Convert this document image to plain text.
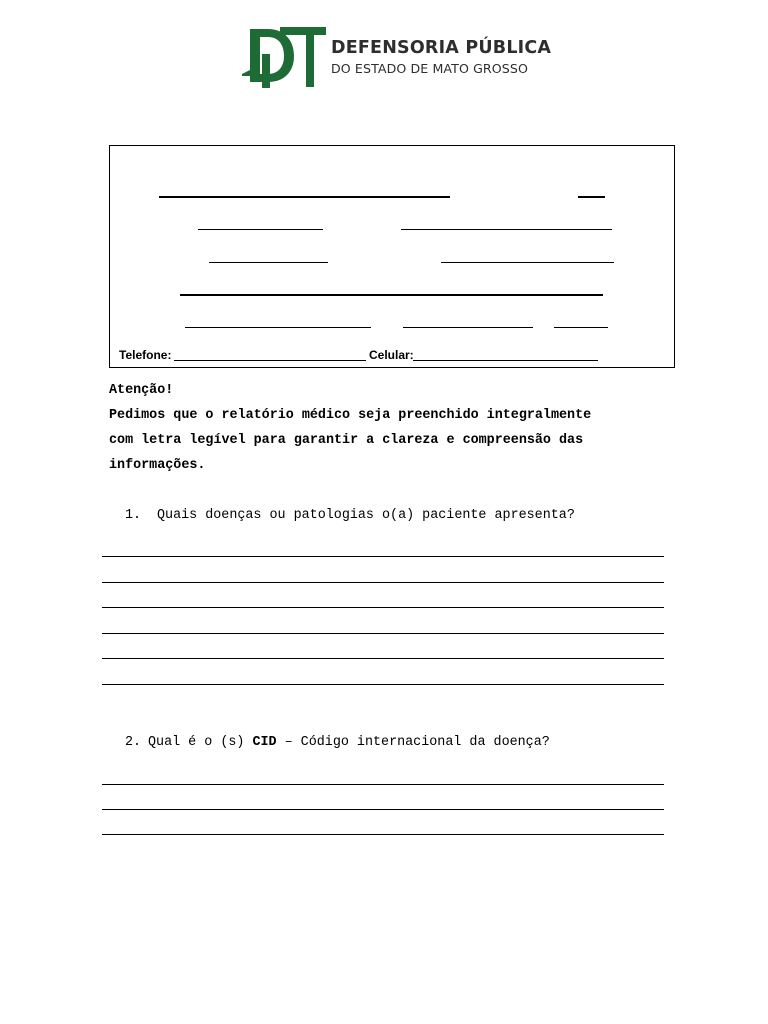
DEFENSORIA PÚBLICA
DO ESTADO DE MATO GROSSO
Telefone:	Celular:
Atenção!
Pedimos que o relatório médico seja preenchido integralmente
com letra legível para garantir a clareza e compreensão das
informações.
1. Quais doenças ou patologias o(a) paciente apresenta?
2. Qual é o (s) CID – Código internacional da doença?
